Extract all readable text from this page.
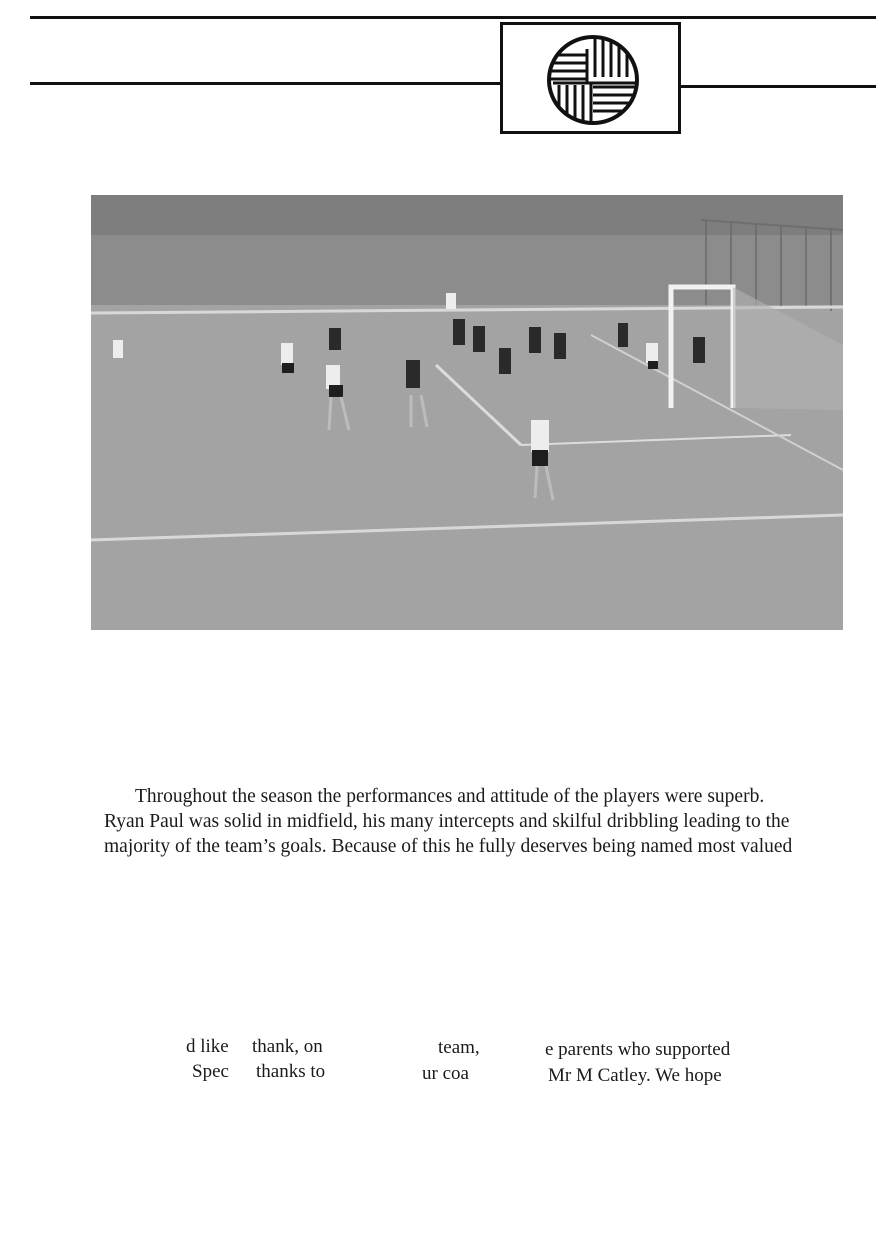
Throughout the season the performances and attitude of the players were superb.
Ryan Paul was solid in midfield, his many intercepts and skilful dribbling leading to the
majority of the team’s goals. Because of this he fully deserves being named most valued
d like thank, on	team,	e parents who supported
Spec thanks to	ur coa	Mr M Catley. We hope
